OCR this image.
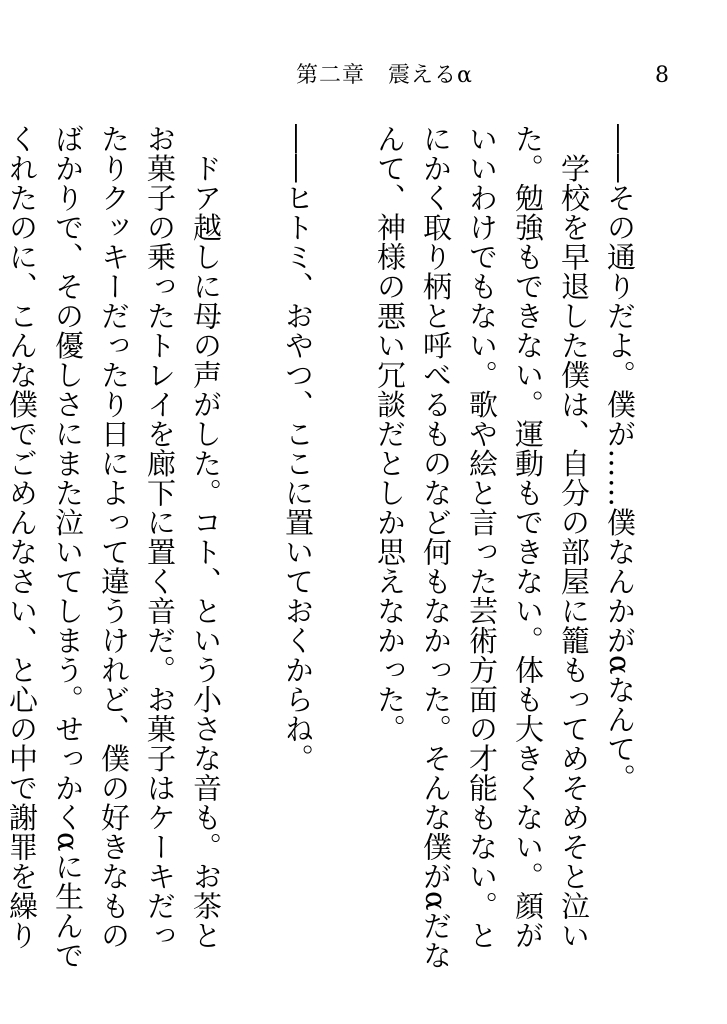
第二章　震えるα	8

――その通りだよ。僕が……僕なんかがαなんて。

　学校を早退した僕は、自分の部屋に籠もってめそめそと泣いた。勉強もできない。運動もできない。体も大きくない。顔がいいわけでもない。歌や絵と言った芸術方面の才能もない。とにかく取り柄と呼べるものなど何もなかった。そんな僕がαだなんて、神様の悪い冗談だとしか思えなかった。

――ヒトミ、おやつ、ここに置いておくからね。

　ドア越しに母の声がした。コト、という小さな音も。お茶とお菓子の乗ったトレイを廊下に置く音だ。お菓子はケーキだったりクッキーだったり日によって違うけれど、僕の好きなものばかりで、その優しさにまた泣いてしまう。せっかくαに生んでくれたのに、こんな僕でごめんなさい、と心の中で謝罪を繰り
